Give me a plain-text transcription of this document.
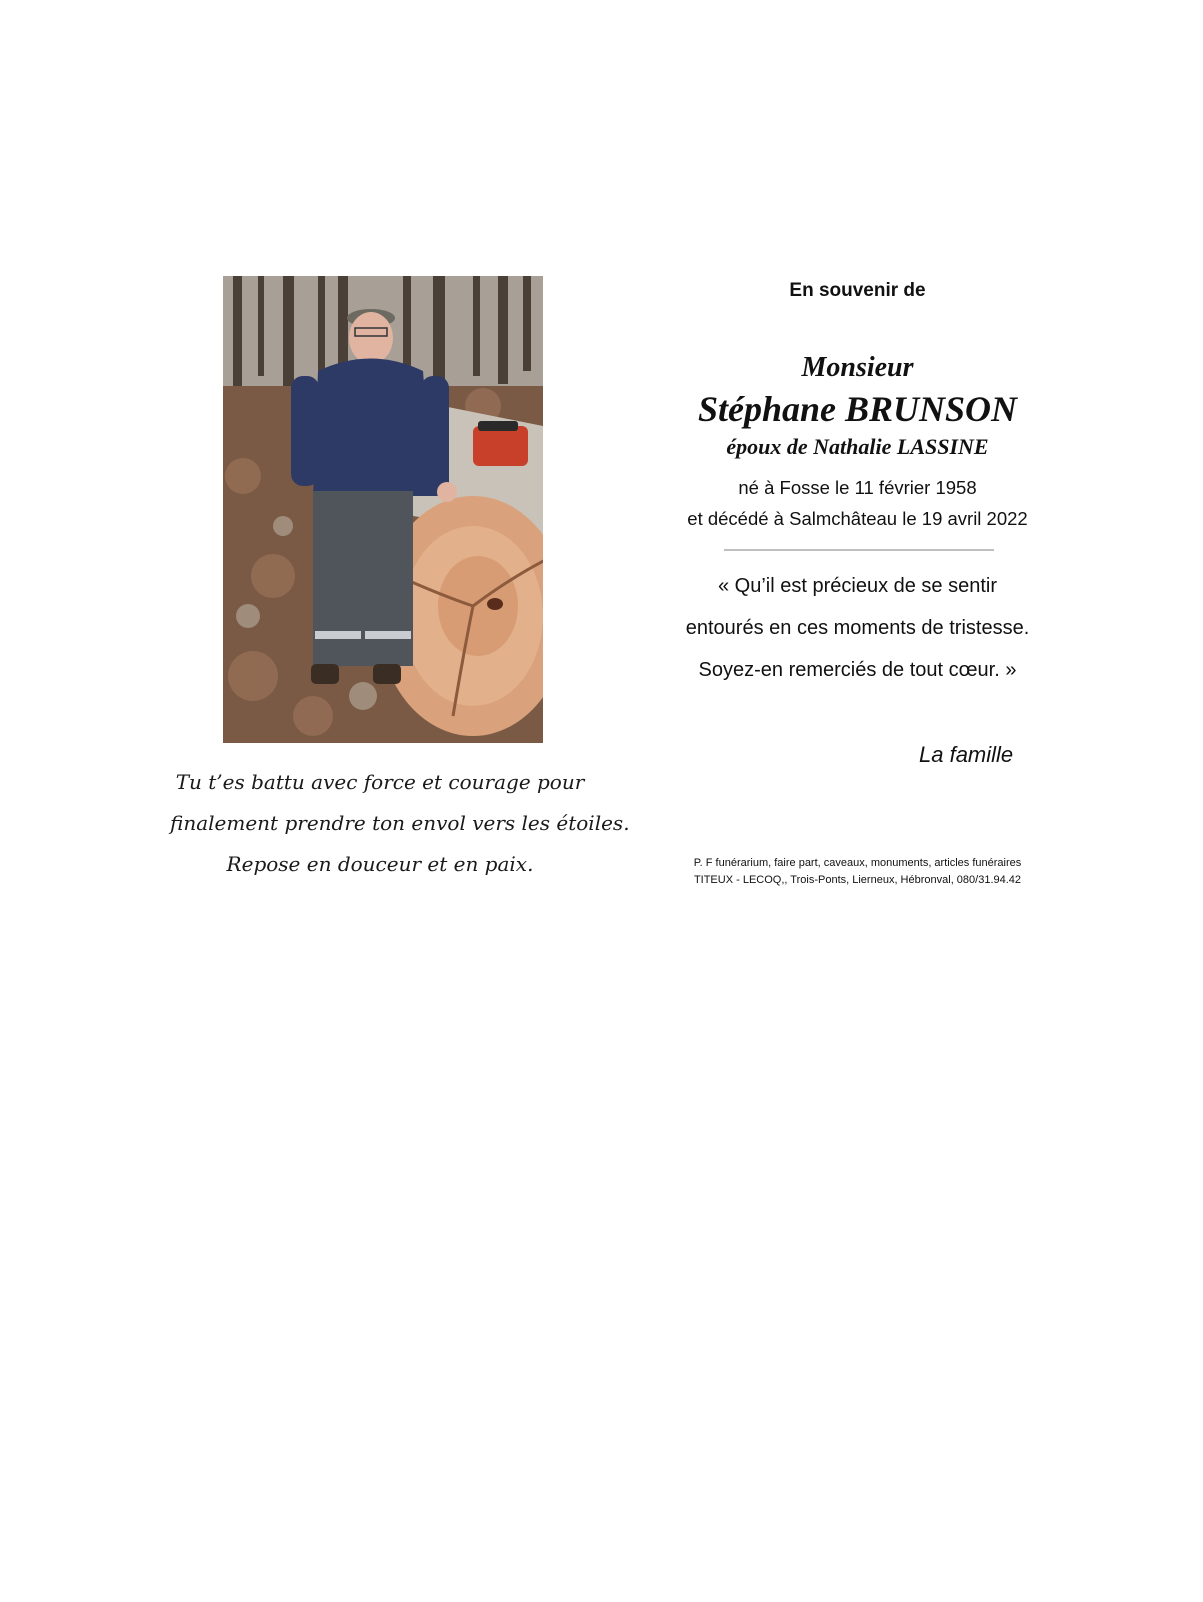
Tu t’es battu avec force et courage pour
finalement prendre ton envol vers les étoiles.
Repose en douceur et en paix.
En souvenir de
Monsieur
Stéphane BRUNSON
époux de Nathalie LASSINE
né à Fosse le 11 février 1958
et décédé à Salmchâteau le 19 avril 2022
« Qu’il est précieux de se sentir
entourés en ces moments de tristesse.
Soyez-en remerciés de tout cœur. »
La famille
P. F funérarium, faire part, caveaux, monuments, articles funéraires
TITEUX - LECOQ,, Trois-Ponts, Lierneux, Hébronval, 080/31.94.42
